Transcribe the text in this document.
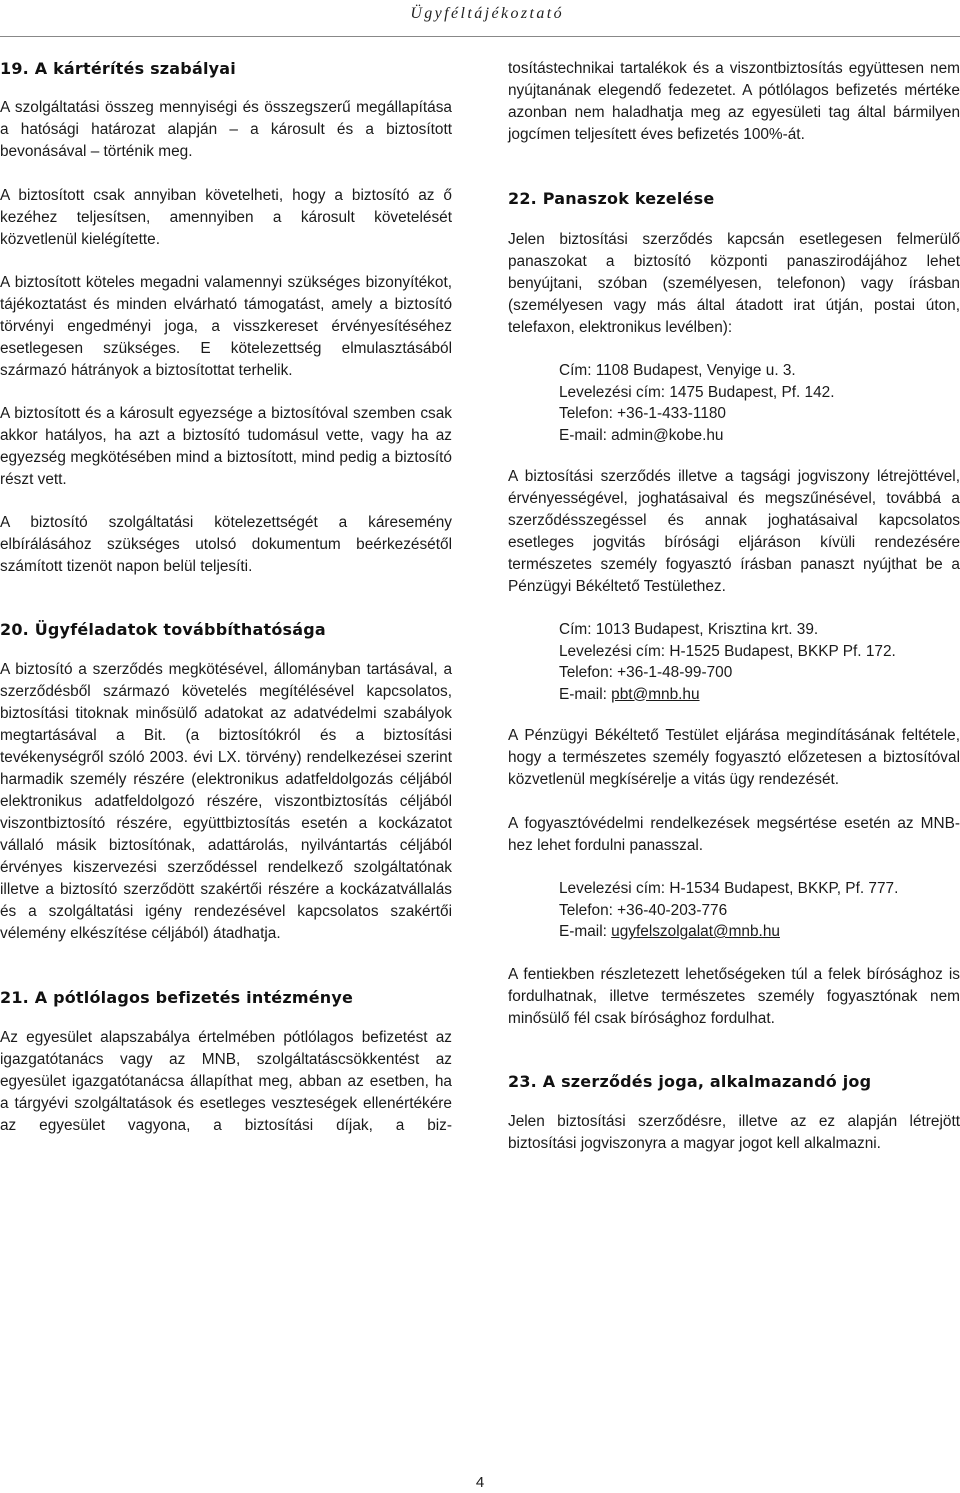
Ügyféltájékoztató
19. A kártérítés szabályai

A szolgáltatási összeg mennyiségi és összegszerű megállapítása a hatósági határozat alapján – a károsult és a biztosított bevonásával – történik meg.

A biztosított csak annyiban követelheti, hogy a biztosító az ő kezéhez teljesítsen, amennyiben a károsult követelését közvetlenül kielégítette.

A biztosított köteles megadni valamennyi szükséges bizonyítékot, tájékoztatást és minden elvárható támogatást, amely a biztosító törvényi engedményi joga, a visszkereset érvényesítéséhez esetlegesen szükséges. E kötelezettség elmulasztásából származó hátrányok a biztosítottat terhelik.

A biztosított és a károsult egyezsége a biztosítóval szemben csak akkor hatályos, ha azt a biztosító tudomásul vette, vagy ha az egyezség megkötésében mind a biztosított, mind pedig a biztosító részt vett.

A biztosító szolgáltatási kötelezettségét a káresemény elbírálásához szükséges utolsó dokumentum beérkezésétől számított tizenöt napon belül teljesíti.

20. Ügyféladatok továbbíthatósága

A biztosító a szerződés megkötésével, állományban tartásával, a szerződésből származó követelés megítélésével kapcsolatos, biztosítási titoknak minősülő adatokat az adatvédelmi szabályok megtartásával a Bit. (a biztosítókról és a biztosítási tevékenységről szóló 2003. évi LX. törvény) rendelkezései szerint harmadik személy részére (elektronikus adatfeldolgozás céljából elektronikus adatfeldolgozó részére, viszontbiztosítás céljából viszontbiztosító részére, együttbiztosítás esetén a kockázatot vállaló másik biztosítónak, adattárolás, nyilvántartás céljából érvényes kiszervezési szerződéssel rendelkező szolgáltatónak illetve a biztosító szerződött szakértői részére a kockázatvállalás és a szolgáltatási igény rendezésével kapcsolatos szakértői vélemény elkészítése céljából) átadhatja.

21. A pótlólagos befizetés intézménye

Az egyesület alapszabálya értelmében pótlólagos befizetést az igazgatótanács vagy az MNB, szolgáltatáscsökkentést az egyesület igazgatótanácsa állapíthat meg, abban az esetben, ha a tárgyévi szolgáltatások és esetleges veszteségek ellenértékére az egyesület vagyona, a biztosítási díjak, a biz-

tosítástechnikai tartalékok és a viszontbiztosítás együttesen nem nyújtanának elegendő fedezetet. A pótlólagos befizetés mértéke azonban nem haladhatja meg az egyesületi tag által bármilyen jogcímen teljesített éves befizetés 100%-át.

22. Panaszok kezelése

Jelen biztosítási szerződés kapcsán esetlegesen felmerülő panaszokat a biztosító központi panaszirodájához lehet benyújtani, szóban (személyesen, telefonon) vagy írásban (személyesen vagy más által átadott irat útján, postai úton, telefaxon, elektronikus levélben):

Cím: 1108 Budapest, Venyige u. 3.
Levelezési cím: 1475 Budapest, Pf. 142.
Telefon: +36-1-433-1180
E-mail: admin@kobe.hu

A biztosítási szerződés illetve a tagsági jogviszony létrejöttével, érvényességével, joghatásaival és megszűnésével, továbbá a szerződésszegéssel és annak joghatásaival kapcsolatos esetleges jogvitás bírósági eljáráson kívüli rendezésére természetes személy fogyasztó írásban panaszt nyújthat be a Pénzügyi Békéltető Testülethez.

Cím: 1013 Budapest, Krisztina krt. 39.
Levelezési cím: H-1525 Budapest, BKKP Pf. 172.
Telefon: +36-1-48-99-700
E-mail: pbt@mnb.hu

A Pénzügyi Békéltető Testület eljárása megindításának feltétele, hogy a természetes személy fogyasztó előzetesen a biztosítóval közvetlenül megkísérelje a vitás ügy rendezését.

A fogyasztóvédelmi rendelkezések megsértése esetén az MNB-hez lehet fordulni panasszal.

Levelezési cím: H-1534 Budapest, BKKP, Pf. 777.
Telefon: +36-40-203-776
E-mail: ugyfelszolgalat@mnb.hu

A fentiekben részletezett lehetőségeken túl a felek bírósághoz is fordulhatnak, illetve természetes személy fogyasztónak nem minősülő fél csak bírósághoz fordulhat.

23. A szerződés joga, alkalmazandó jog

Jelen biztosítási szerződésre, illetve az ez alapján létrejött biztosítási jogviszonyra a magyar jogot kell alkalmazni.

4
